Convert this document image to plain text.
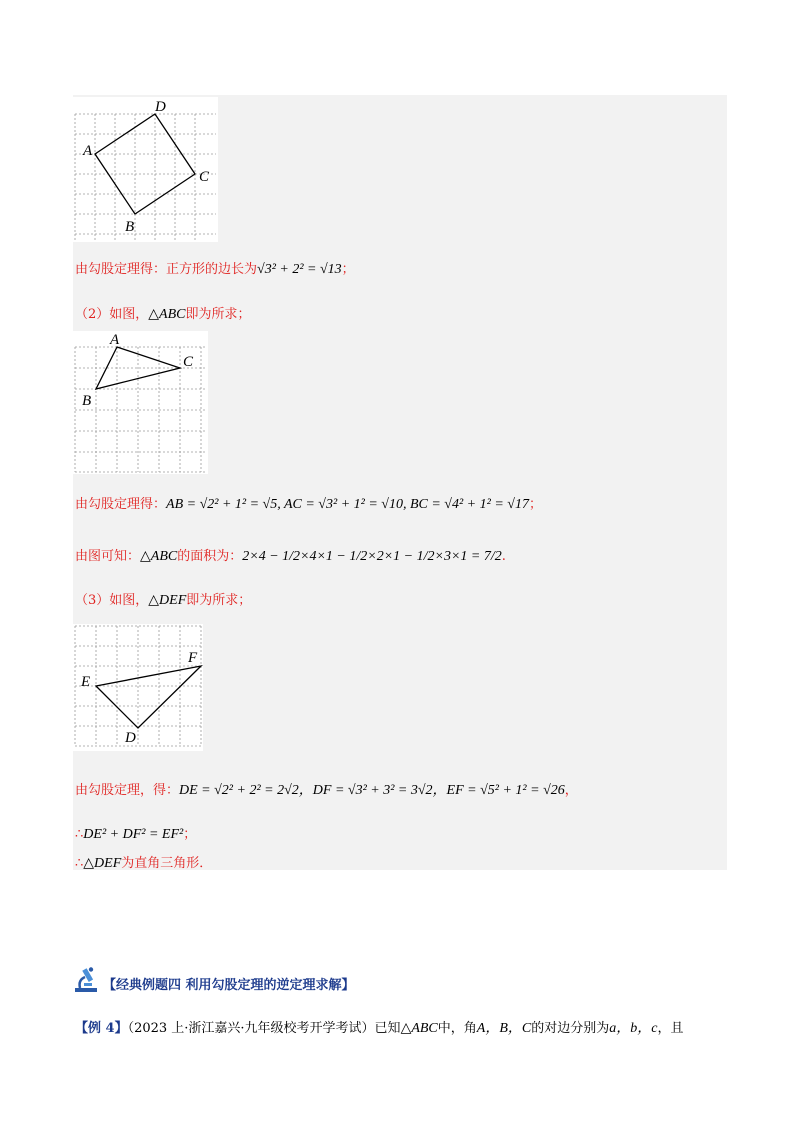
D
A
C
B
由勾股定理得：正方形的边长为√3² + 2² = √13；
（2）如图，△ABC即为所求；
A
C
B
由勾股定理得：AB = √2² + 1² = √5, AC = √3² + 1² = √10, BC = √4² + 1² = √17；
由图可知：△ABC的面积为：2×4 − 1/2×4×1 − 1/2×2×1 − 1/2×3×1 = 7/2.
（3）如图，△DEF即为所求；
F
E
D
由勾股定理，得：DE = √2² + 2² = 2√2，DF = √3² + 3² = 3√2，EF = √5² + 1² = √26，
∴DE² + DF² = EF²；
∴△DEF为直角三角形．
【经典例题四 利用勾股定理的逆定理求解】
【例 4】（2023 上·浙江嘉兴·九年级校考开学考试）已知△ABC中，角A，B，C的对边分别为a，b，c，且
